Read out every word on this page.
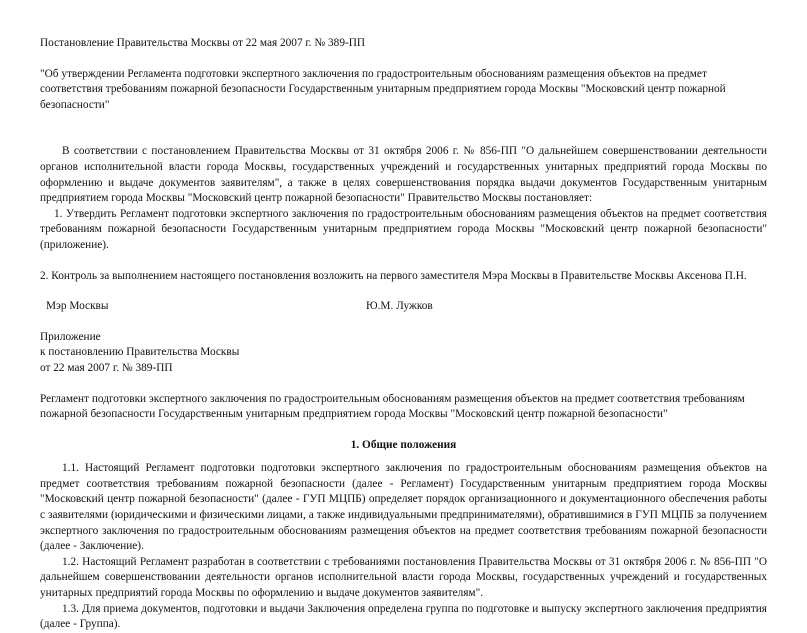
Постановление Правительства Москвы от 22 мая 2007 г. № 389-ПП

"Об утверждении Регламента подготовки экспертного заключения по градостроительным обоснованиям размещения объектов на предмет соответствия требованиям пожарной безопасности Государственным унитарным предприятием города Москвы "Московский центр пожарной безопасности"

В соответствии с постановлением Правительства Москвы от 31 октября 2006 г. № 856-ПП "О дальнейшем совершенствовании деятельности органов исполнительной власти города Москвы, государственных учреждений и государственных унитарных предприятий города Москвы по оформлению и выдаче документов заявителям", а также в целях совершенствования порядка выдачи документов Государственным унитарным предприятием города Москвы "Московский центр пожарной безопасности" Правительство Москвы постановляет:

1. Утвердить Регламент подготовки экспертного заключения по градостроительным обоснованиям размещения объектов на предмет соответствия требованиям пожарной безопасности Государственным унитарным предприятием города Москвы "Московский центр пожарной безопасности" (приложение).

2. Контроль за выполнением настоящего постановления возложить на первого заместителя Мэра Москвы в Правительстве Москвы Аксенова П.Н.

Мэр Москвы	Ю.М. Лужков

Приложение

к постановлению Правительства Москвы

от 22 мая 2007 г. № 389-ПП

Регламент подготовки экспертного заключения по градостроительным обоснованиям размещения объектов на предмет соответствия требованиям пожарной безопасности Государственным унитарным предприятием города Москвы "Московский центр пожарной безопасности"

1. Общие положения

1.1. Настоящий Регламент подготовки подготовки экспертного заключения по градостроительным обоснованиям размещения объектов на предмет соответствия требованиям пожарной безопасности (далее - Регламент) Государственным унитарным предприятием города Москвы "Московский центр пожарной безопасности" (далее - ГУП МЦПБ) определяет порядок организационного и документационного обеспечения работы с заявителями (юридическими и физическими лицами, а также индивидуальными предпринимателями), обратившимися в ГУП МЦПБ за получением экспертного заключения по градостроительным обоснованиям размещения объектов на предмет соответствия требованиям пожарной безопасности (далее - Заключение).

1.2. Настоящий Регламент разработан в соответствии с требованиями постановления Правительства Москвы от 31 октября 2006 г. № 856-ПП "О дальнейшем совершенствовании деятельности органов исполнительной власти города Москвы, государственных учреждений и государственных унитарных предприятий города Москвы по оформлению и выдаче документов заявителям".

1.3. Для приема документов, подготовки и выдачи Заключения определена группа по подготовке и выпуску экспертного заключения предприятия (далее - Группа).
